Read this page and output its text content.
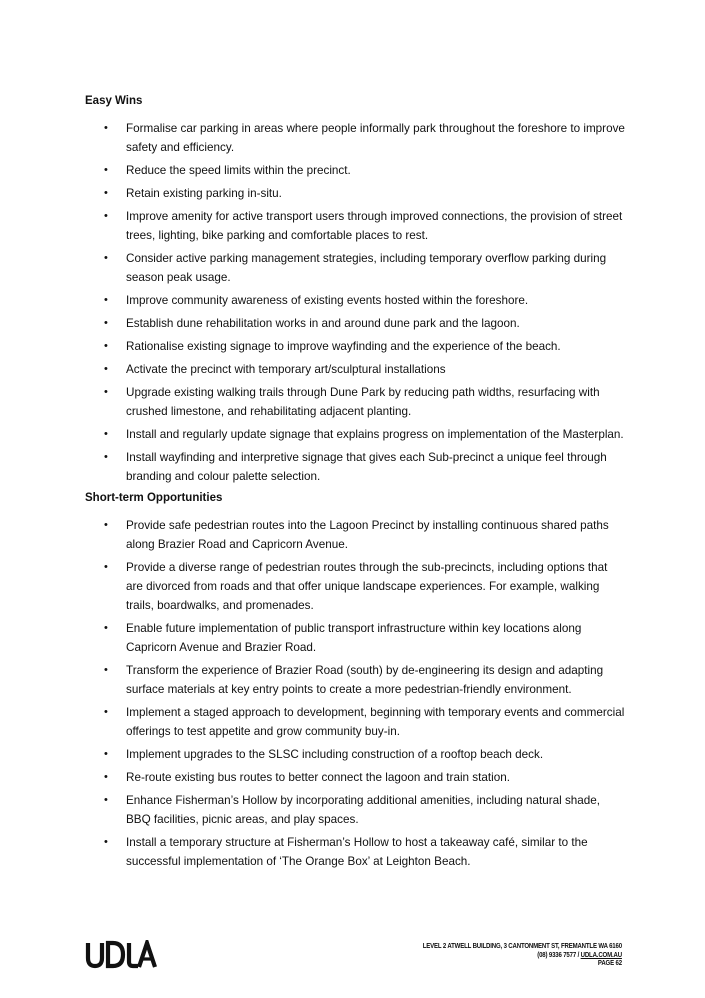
Easy Wins
• Formalise car parking in areas where people informally park throughout the foreshore to improve safety and efficiency.
• Reduce the speed limits within the precinct.
• Retain existing parking in-situ.
• Improve amenity for active transport users through improved connections, the provision of street trees, lighting, bike parking and comfortable places to rest.
• Consider active parking management strategies, including temporary overflow parking during season peak usage.
• Improve community awareness of existing events hosted within the foreshore.
• Establish dune rehabilitation works in and around dune park and the lagoon.
• Rationalise existing signage to improve wayfinding and the experience of the beach.
• Activate the precinct with temporary art/sculptural installations
• Upgrade existing walking trails through Dune Park by reducing path widths, resurfacing with crushed limestone, and rehabilitating adjacent planting.
• Install and regularly update signage that explains progress on implementation of the Masterplan.
• Install wayfinding and interpretive signage that gives each Sub-precinct a unique feel through branding and colour palette selection.
Short-term Opportunities
• Provide safe pedestrian routes into the Lagoon Precinct by installing continuous shared paths along Brazier Road and Capricorn Avenue.
• Provide a diverse range of pedestrian routes through the sub-precincts, including options that are divorced from roads and that offer unique landscape experiences. For example, walking trails, boardwalks, and promenades.
• Enable future implementation of public transport infrastructure within key locations along Capricorn Avenue and Brazier Road.
• Transform the experience of Brazier Road (south) by de-engineering its design and adapting surface materials at key entry points to create a more pedestrian-friendly environment.
• Implement a staged approach to development, beginning with temporary events and commercial offerings to test appetite and grow community buy-in.
• Implement upgrades to the SLSC including construction of a rooftop beach deck.
• Re-route existing bus routes to better connect the lagoon and train station.
• Enhance Fisherman’s Hollow by incorporating additional amenities, including natural shade, BBQ facilities, picnic areas, and play spaces.
• Install a temporary structure at Fisherman’s Hollow to host a takeaway café, similar to the successful implementation of ‘The Orange Box’ at Leighton Beach.
LEVEL 2 ATWELL BUILDING, 3 CANTONMENT ST, FREMANTLE WA 6160
(08) 9336 7577 / UDLA.COM.AU
PAGE 62
